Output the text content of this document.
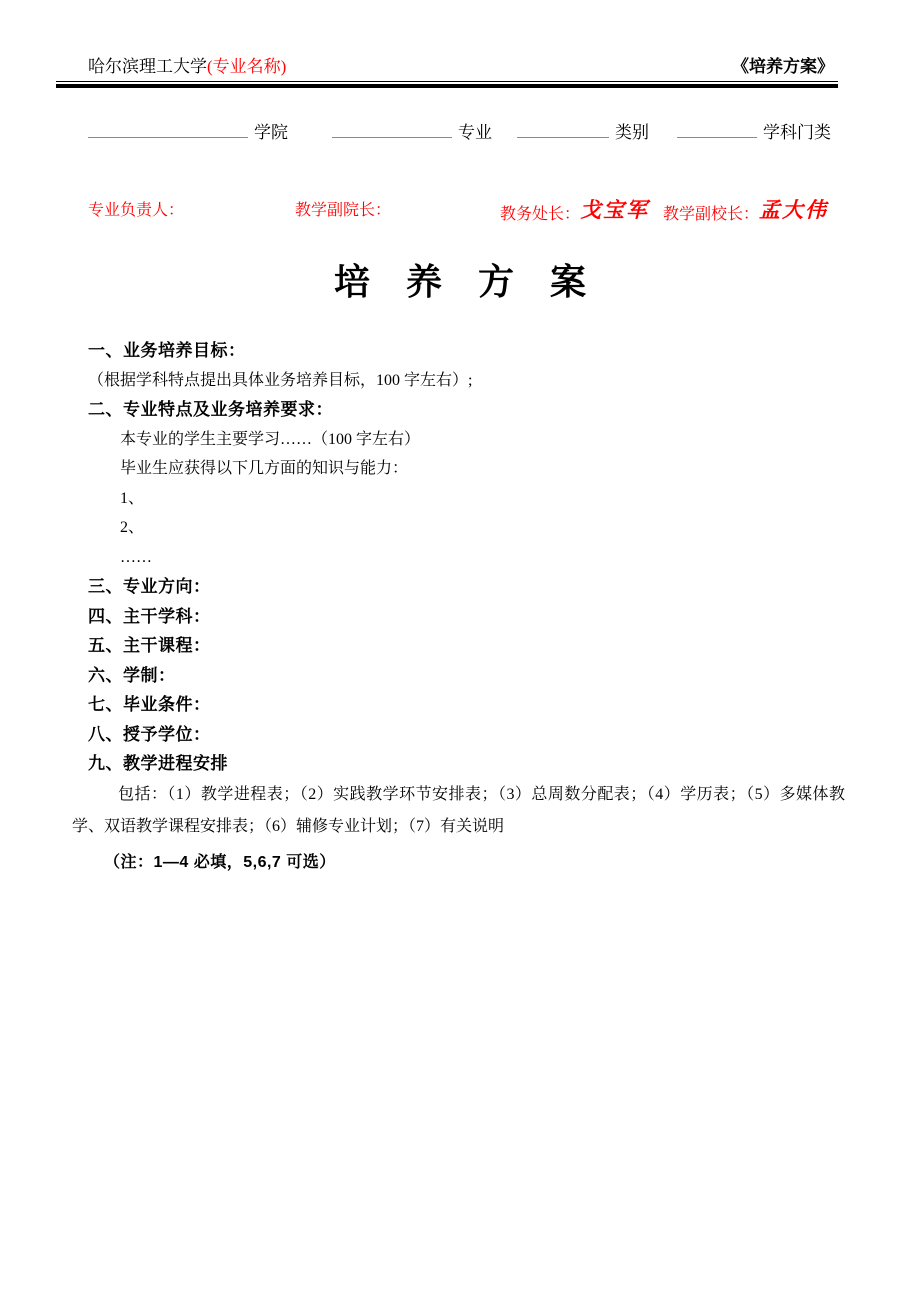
哈尔滨理工大学(专业名称)	《培养方案》
学院	专业	类别	学科门类
专业负责人：	教学副院长：	教务处长：戈宝军 教学副校长：孟大伟
培　养　方　案

一、业务培养目标：

（根据学科特点提出具体业务培养目标，100 字左右）;

二、专业特点及业务培养要求：

本专业的学生主要学习……（100 字左右）

毕业生应获得以下几方面的知识与能力：

1、

2、

……

三、专业方向：

四、主干学科：

五、主干课程：

六、学制：

七、毕业条件：

八、授予学位：

九、教学进程安排

包括：（1）教学进程表；（2）实践教学环节安排表；（3）总周数分配表；（4）学历表；（5）多媒体教学、双语教学课程安排表；（6）辅修专业计划；（7）有关说明

（注：1—4 必填，5,6,7 可选）
